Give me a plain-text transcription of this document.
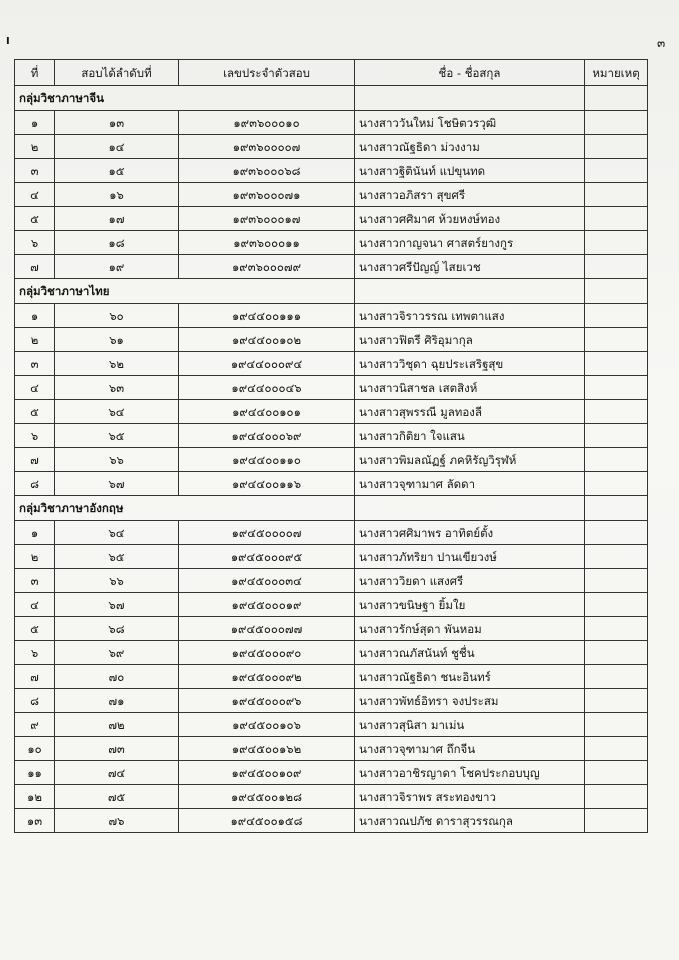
I	๓
ที่	สอบได้ลำดับที่	เลขประจำตัวสอบ	ชื่อ - ชื่อสกุล	หมายเหตุ
กลุ่มวิชาภาษาจีน				
๑	๑๓	๑๙๓๖๐๐๐๑๐	นางสาววันใหม่ โชษิตวรวุฒิ	
๒	๑๔	๑๙๓๖๐๐๐๐๗	นางสาวณัฐธิดา ม่วงงาม	
๓	๑๕	๑๙๓๖๐๐๐๖๘	นางสาวฐิตินันท์ แปขุนทด	
๔	๑๖	๑๙๓๖๐๐๐๗๑	นางสาวอภิสรา สุขศรี	
๕	๑๗	๑๙๓๖๐๐๐๑๗	นางสาวศศิมาศ ห้วยหงษ์ทอง	
๖	๑๘	๑๙๓๖๐๐๐๑๑	นางสาวกาญจนา ศาสตร์ยางกูร	
๗	๑๙	๑๙๓๖๐๐๐๗๙	นางสาวศรีปัญญ์ ไสยเวช	
กลุ่มวิชาภาษาไทย				
๑	๖๐	๑๙๔๔๐๐๑๑๑	นางสาวจิราวรรณ เทพตาแสง	
๒	๖๑	๑๙๔๔๐๐๑๐๒	นางสาวฟิตรี ศิริอุมากุล	
๓	๖๒	๑๙๔๔๐๐๐๙๔	นางสาววิชุดา ฉุยประเสริฐสุข	
๔	๖๓	๑๙๔๔๐๐๐๔๖	นางสาวนิสาชล เสตสิงห์	
๕	๖๔	๑๙๔๔๐๐๑๐๑	นางสาวสุพรรณี มูลทองลี	
๖	๖๕	๑๙๔๔๐๐๐๖๙	นางสาวกิติยา ใจแสน	
๗	๖๖	๑๙๔๔๐๐๑๑๐	นางสาวพิมลณัฏฐ์ ภคหิรัญวิรุฬห์	
๘	๖๗	๑๙๔๔๐๐๑๑๖	นางสาวจุฑามาศ ลัดดา	
กลุ่มวิชาภาษาอังกฤษ				
๑	๖๔	๑๙๔๕๐๐๐๐๗	นางสาวศศิมาพร อาทิตย์ตั้ง	
๒	๖๕	๑๙๔๕๐๐๐๙๕	นางสาวภัทริยา ปานเขียวงษ์	
๓	๖๖	๑๙๔๕๐๐๐๓๔	นางสาววิยดา แสงศรี	
๔	๖๗	๑๙๔๕๐๐๐๑๙	นางสาวขนิษฐา ยิ้มใย	
๕	๖๘	๑๙๔๕๐๐๐๗๗	นางสาวรักษ์สุดา พันหอม	
๖	๖๙	๑๙๔๕๐๐๐๙๐	นางสาวณภัสนันท์ ชูชื่น	
๗	๗๐	๑๙๔๕๐๐๐๙๒	นางสาวณัฐธิดา ชนะอินทร์	
๘	๗๑	๑๙๔๕๐๐๐๙๖	นางสาวพัทธ์อิทรา จงประสม	
๙	๗๒	๑๙๔๕๐๐๑๐๖	นางสาวสุนิสา มาเม่น	
๑๐	๗๓	๑๙๔๕๐๐๑๖๒	นางสาวจุฑามาศ ถึกจีน	
๑๑	๗๔	๑๙๔๕๐๐๑๐๙	นางสาวอาชิรญาดา โชคประกอบบุญ	
๑๒	๗๕	๑๙๔๕๐๐๑๒๘	นางสาวจิราพร สระทองขาว	
๑๓	๗๖	๑๙๔๕๐๐๑๕๘	นางสาวณปภัช ดาราสุวรรณกุล	
